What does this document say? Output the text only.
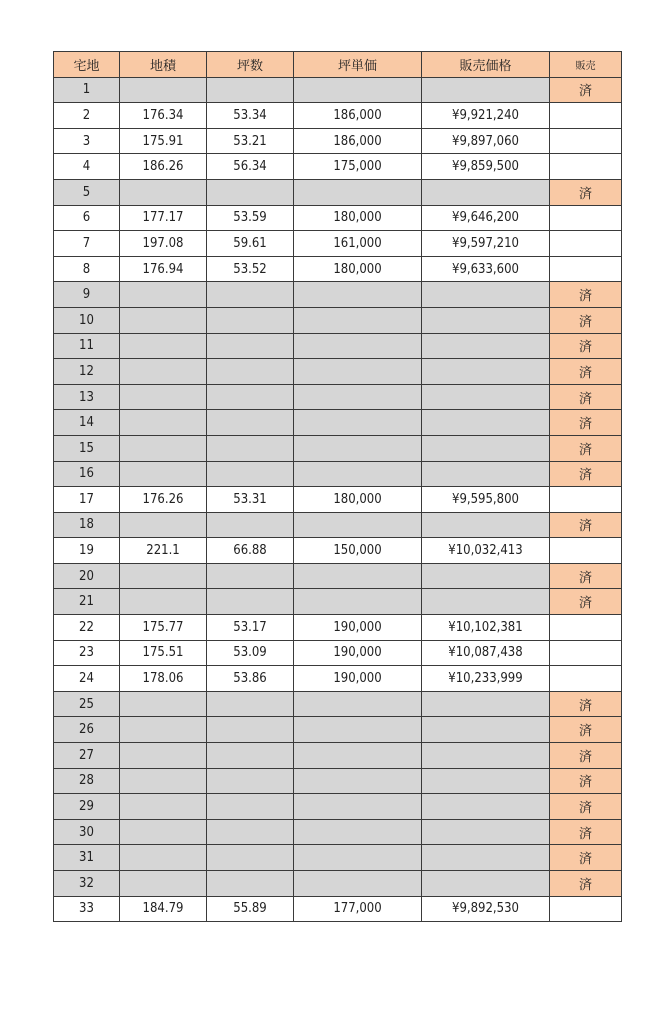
宅地	地積	坪数	坪単価	販売価格	販売
1					済
2	176.34	53.34	186,000	¥9,921,240	
3	175.91	53.21	186,000	¥9,897,060	
4	186.26	56.34	175,000	¥9,859,500	
5					済
6	177.17	53.59	180,000	¥9,646,200	
7	197.08	59.61	161,000	¥9,597,210	
8	176.94	53.52	180,000	¥9,633,600	
9					済
10					済
11					済
12					済
13					済
14					済
15					済
16					済
17	176.26	53.31	180,000	¥9,595,800	
18					済
19	221.1	66.88	150,000	¥10,032,413	
20					済
21					済
22	175.77	53.17	190,000	¥10,102,381	
23	175.51	53.09	190,000	¥10,087,438	
24	178.06	53.86	190,000	¥10,233,999	
25					済
26					済
27					済
28					済
29					済
30					済
31					済
32					済
33	184.79	55.89	177,000	¥9,892,530	
